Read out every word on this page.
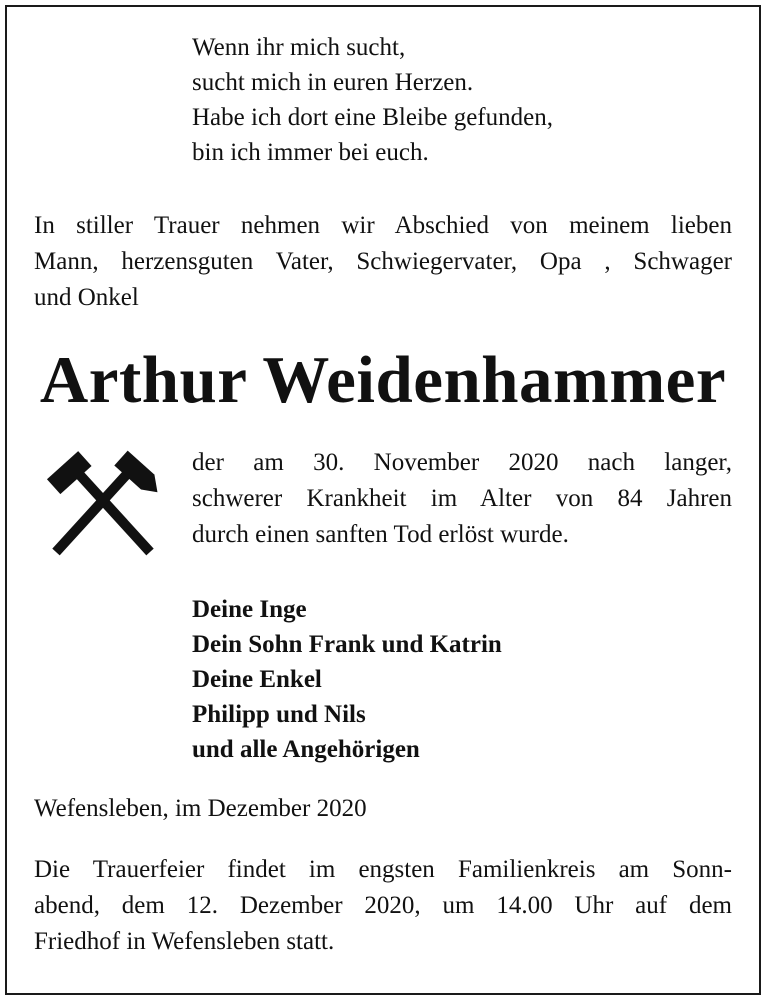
Wenn ihr mich sucht,
sucht mich in euren Herzen.
Habe ich dort eine Bleibe gefunden,
bin ich immer bei euch.
In stiller Trauer nehmen wir Abschied von meinem lieben
Mann, herzensguten Vater, Schwiegervater, Opa , Schwager
und Onkel
Arthur Weidenhammer
der am 30. November 2020 nach langer,
schwerer Krankheit im Alter von 84 Jahren
durch einen sanften Tod erlöst wurde.
Deine Inge
Dein Sohn Frank und Katrin
Deine Enkel
Philipp und Nils
und alle Angehörigen
Wefensleben, im Dezember 2020
Die Trauerfeier findet im engsten Familienkreis am Sonn-
abend, dem 12. Dezember 2020, um 14.00 Uhr auf dem
Friedhof in Wefensleben statt.
